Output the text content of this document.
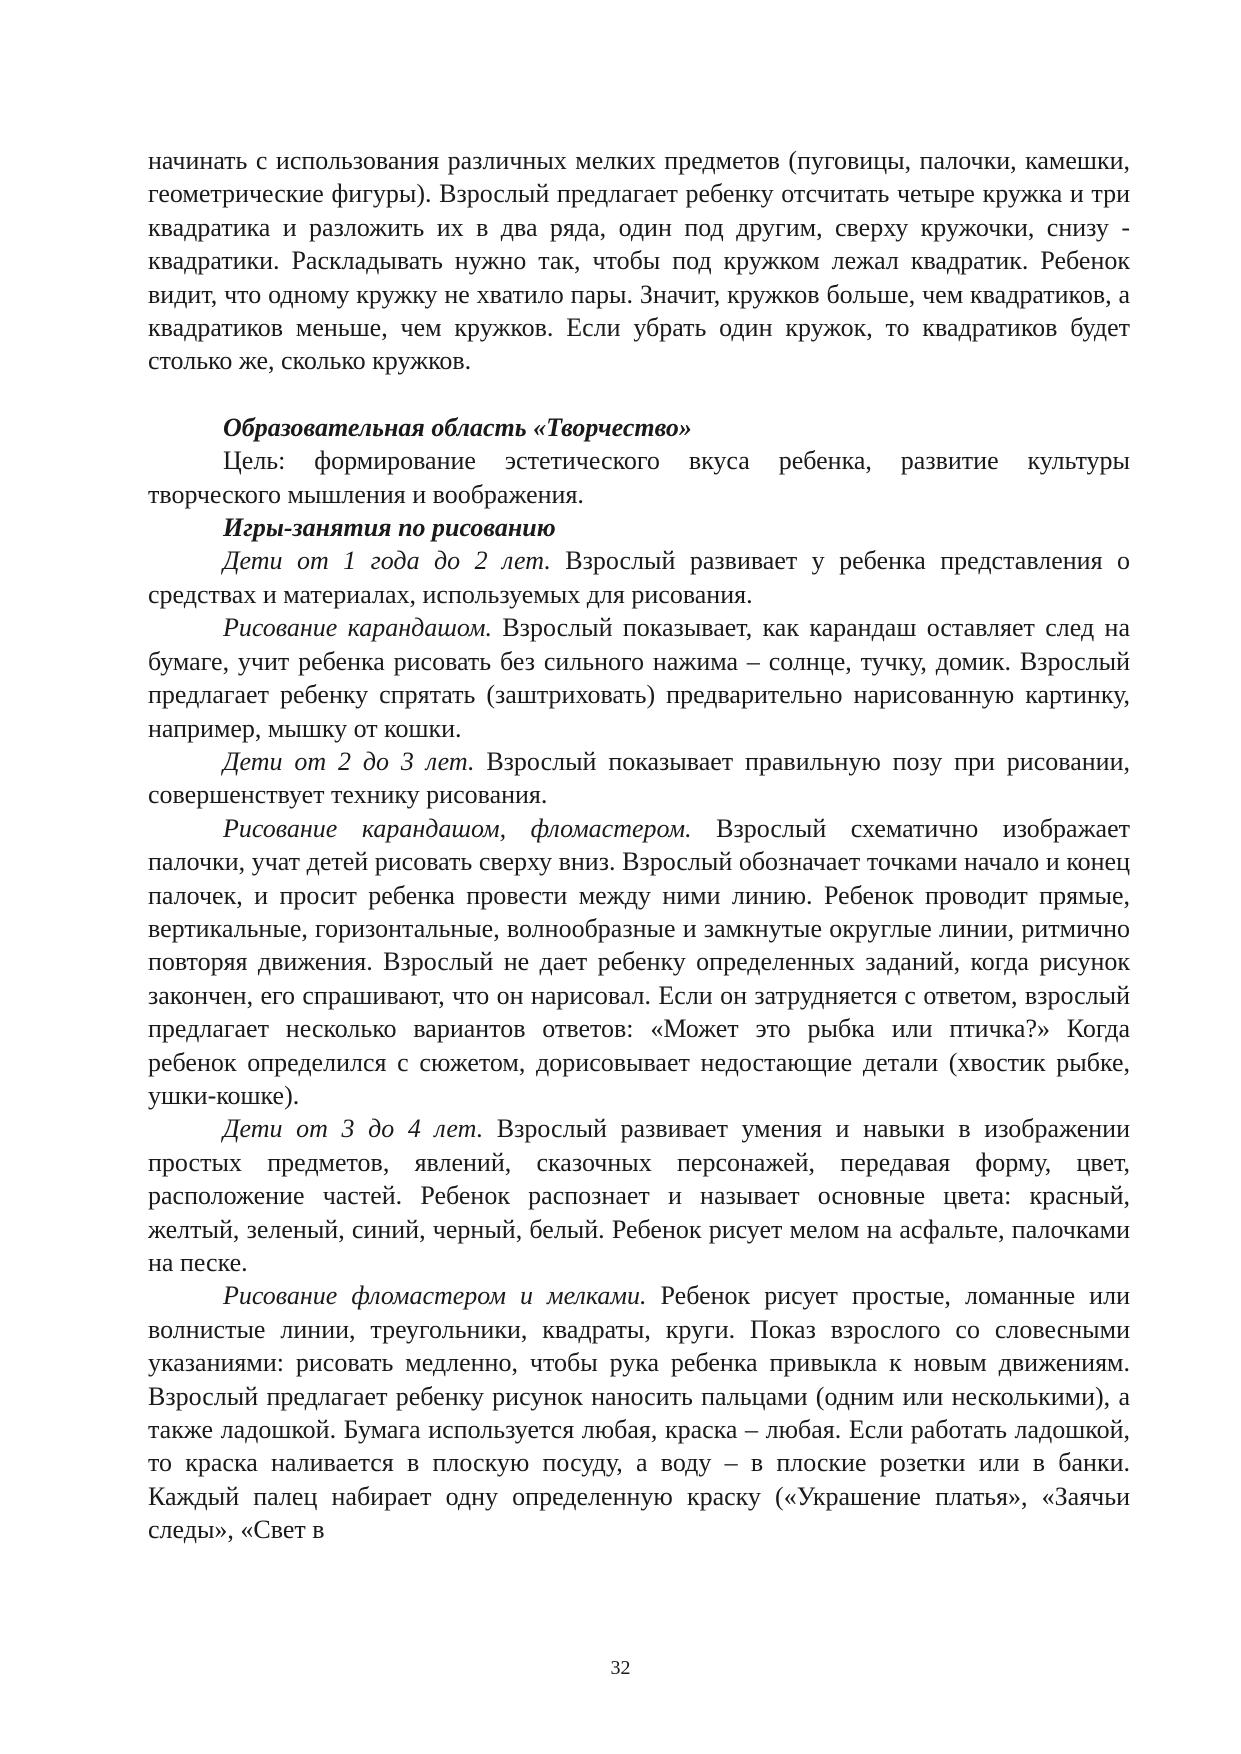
начинать с использования различных мелких предметов (пуговицы, палочки, камешки, геометрические фигуры). Взрослый предлагает ребенку отсчитать четыре кружка и три квадратика и разложить их в два ряда, один под другим, сверху кружочки, снизу - квадратики. Раскладывать нужно так, чтобы под кружком лежал квадратик. Ребенок видит, что одному кружку не хватило пары. Значит, кружков больше, чем квадратиков, а квадратиков меньше, чем кружков. Если убрать один кружок, то квадратиков будет столько же, сколько кружков.

Образовательная область «Творчество»

Цель: формирование эстетического вкуса ребенка, развитие культуры творческого мышления и воображения.

Игры-занятия по рисованию

Дети от 1 года до 2 лет. Взрослый развивает у ребенка представления о средствах и материалах, используемых для рисования.

Рисование карандашом. Взрослый показывает, как карандаш оставляет след на бумаге, учит ребенка рисовать без сильного нажима – солнце, тучку, домик. Взрослый предлагает ребенку спрятать (заштриховать) предварительно нарисованную картинку, например, мышку от кошки.

Дети от 2 до 3 лет. Взрослый показывает правильную позу при рисовании, совершенствует технику рисования.

Рисование карандашом, фломастером. Взрослый схематично изображает палочки, учат детей рисовать сверху вниз. Взрослый обозначает точками начало и конец палочек, и просит ребенка провести между ними линию. Ребенок проводит прямые, вертикальные, горизонтальные, волнообразные и замкнутые округлые линии, ритмично повторяя движения. Взрослый не дает ребенку определенных заданий, когда рисунок закончен, его спрашивают, что он нарисовал. Если он затрудняется с ответом, взрослый предлагает несколько вариантов ответов: «Может это рыбка или птичка?» Когда ребенок определился с сюжетом, дорисовывает недостающие детали (хвостик рыбке, ушки-кошке).

Дети от 3 до 4 лет. Взрослый развивает умения и навыки в изображении простых предметов, явлений, сказочных персонажей, передавая форму, цвет, расположение частей. Ребенок распознает и называет основные цвета: красный, желтый, зеленый, синий, черный, белый. Ребенок рисует мелом на асфальте, палочками на песке.

Рисование фломастером и мелками. Ребенок рисует простые, ломанные или волнистые линии, треугольники, квадраты, круги. Показ взрослого со словесными указаниями: рисовать медленно, чтобы рука ребенка привыкла к новым движениям. Взрослый предлагает ребенку рисунок наносить пальцами (одним или несколькими), а также ладошкой. Бумага используется любая, краска – любая. Если работать ладошкой, то краска наливается в плоскую посуду, а воду – в плоские розетки или в банки. Каждый палец набирает одну определенную краску («Украшение платья», «Заячьи следы», «Свет в

32
